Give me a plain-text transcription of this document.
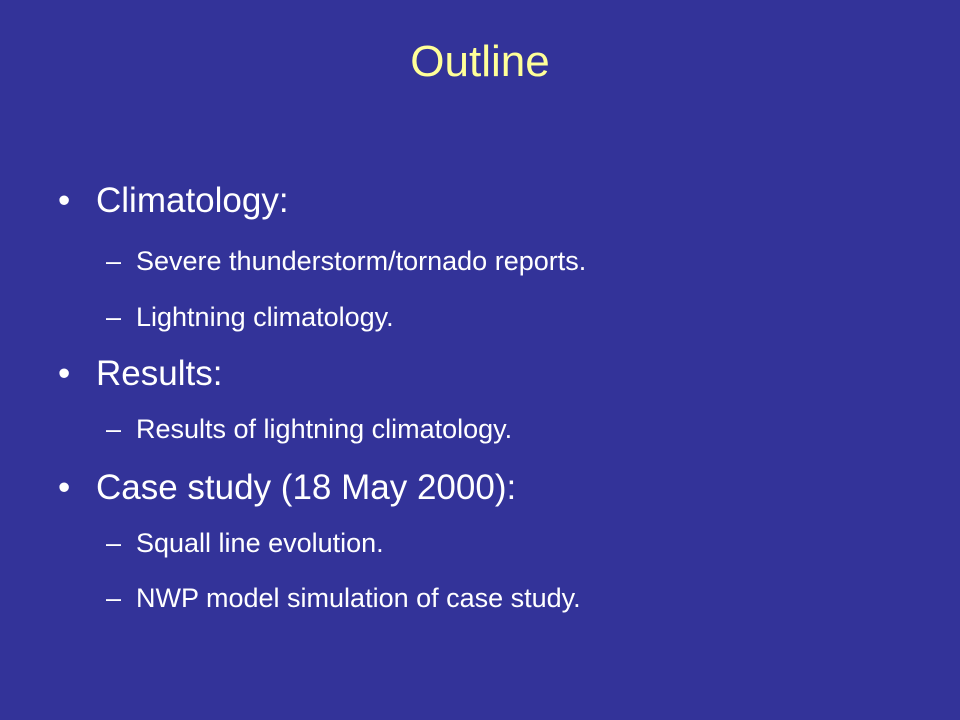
Outline
• Climatology:
– Severe thunderstorm/tornado reports.
– Lightning climatology.
• Results:
– Results of lightning climatology.
• Case study (18 May 2000):
– Squall line evolution.
– NWP model simulation of case study.
